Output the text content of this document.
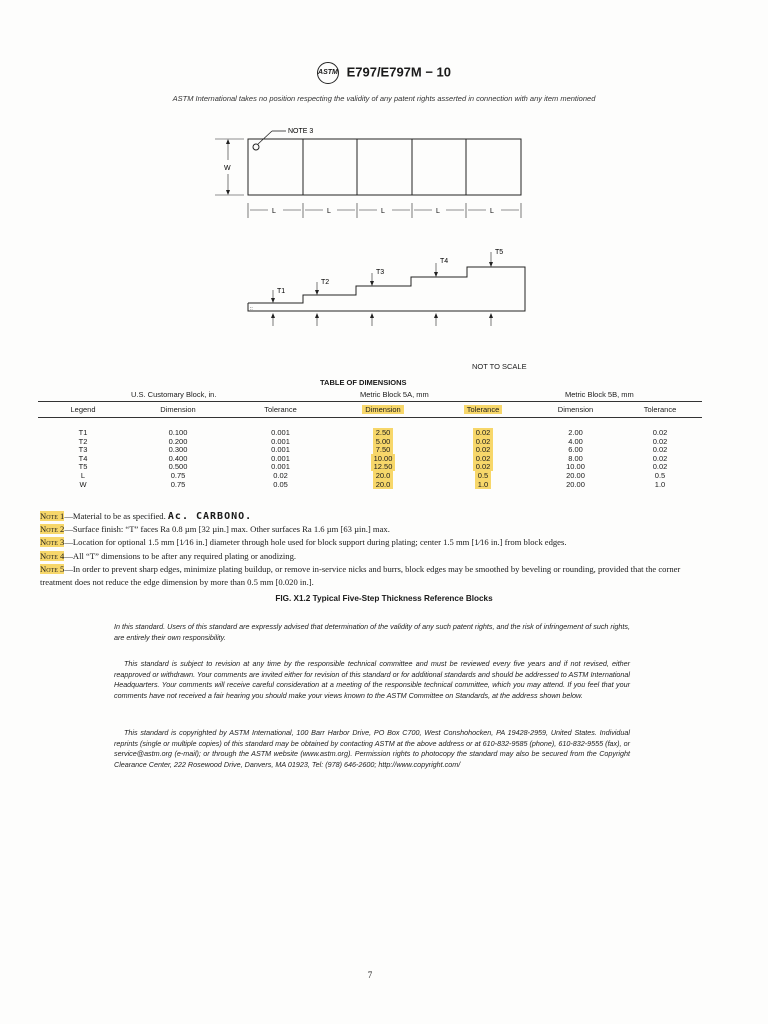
ASTM E797/E797M − 10
ASTM International takes no position respecting the validity of any patent rights asserted in connection with any item mentioned
NOTE 3
W
L	L	L	L	L
::
T1
T2
T3
T4
T5
NOT TO SCALE
TABLE OF DIMENSIONS
U.S. Customary Block, in.	Metric Block 5A, mm	Metric Block 5B, mm
Legend	Dimension	Tolerance	Dimension	Tolerance	Dimension	Tolerance

T1	0.100	0.001	2.50	0.02	2.00	0.02
T2	0.200	0.001	5.00	0.02	4.00	0.02
T3	0.300	0.001	7.50	0.02	6.00	0.02
T4	0.400	0.001	10.00	0.02	8.00	0.02
T5	0.500	0.001	12.50	0.02	10.00	0.02
L	0.75	0.02	20.0	0.5	20.00	0.5
W	0.75	0.05	20.0	1.0	20.00	1.0
Note 1—Material to be as specified. Ac. CARBONO.
Note 2—Surface finish: “T” faces Ra 0.8 µm [32 µin.] max. Other surfaces Ra 1.6 µm [63 µin.] max.
Note 3—Location for optional 1.5 mm [1⁄16 in.] diameter through hole used for block support during plating; center 1.5 mm [1⁄16 in.] from block edges.
Note 4—All “T” dimensions to be after any required plating or anodizing.
Note 5—In order to prevent sharp edges, minimize plating buildup, or remove in-service nicks and burrs, block edges may be smoothed by beveling or rounding, provided that the corner treatment does not reduce the edge dimension by more than 0.5 mm [0.020 in.].
FIG. X1.2 Typical Five-Step Thickness Reference Blocks
In this standard. Users of this standard are expressly advised that determination of the validity of any such patent rights, and the risk of infringement of such rights, are entirely their own responsibility.
This standard is subject to revision at any time by the responsible technical committee and must be reviewed every five years and if not revised, either reapproved or withdrawn. Your comments are invited either for revision of this standard or for additional standards and should be addressed to ASTM International Headquarters. Your comments will receive careful consideration at a meeting of the responsible technical committee, which you may attend. If you feel that your comments have not received a fair hearing you should make your views known to the ASTM Committee on Standards, at the address shown below.
This standard is copyrighted by ASTM International, 100 Barr Harbor Drive, PO Box C700, West Conshohocken, PA 19428-2959, United States. Individual reprints (single or multiple copies) of this standard may be obtained by contacting ASTM at the above address or at 610-832-9585 (phone), 610-832-9555 (fax), or service@astm.org (e-mail); or through the ASTM website (www.astm.org). Permission rights to photocopy the standard may also be secured from the Copyright Clearance Center, 222 Rosewood Drive, Danvers, MA 01923, Tel: (978) 646-2600; http://www.copyright.com/
7
